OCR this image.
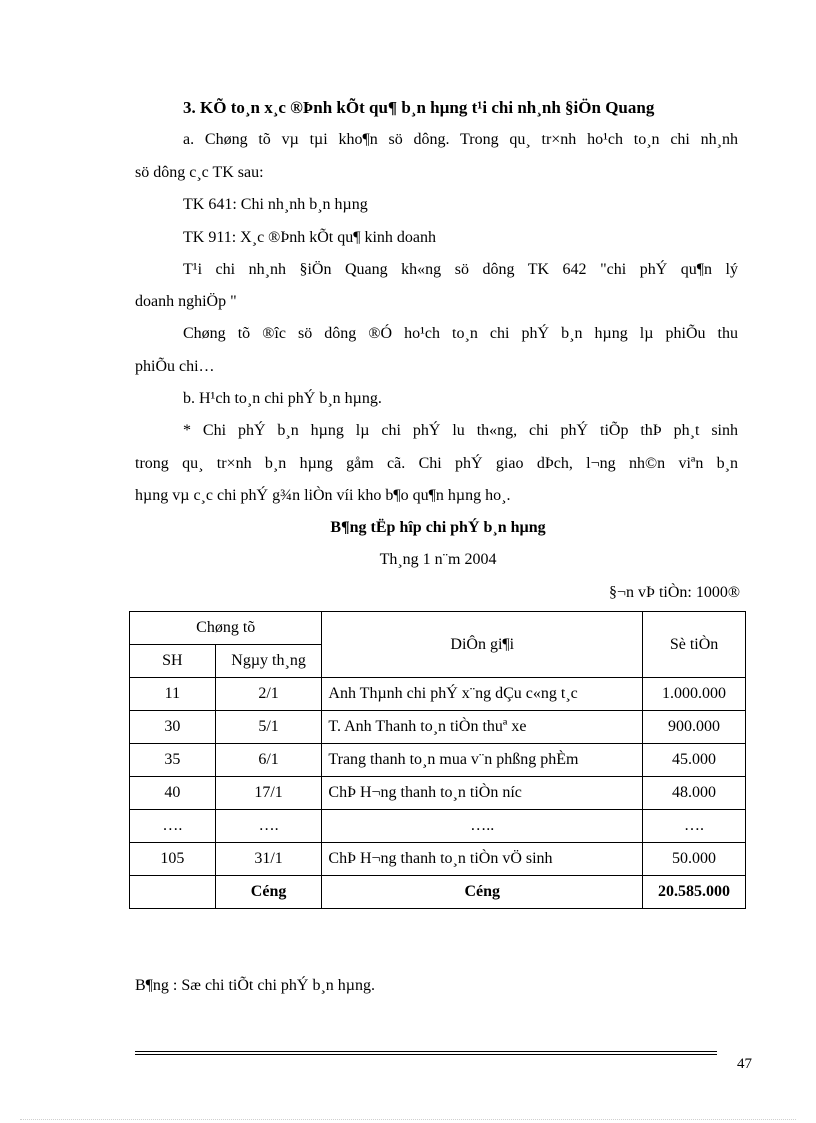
3. KÕ to¸n x¸c ®Þnh kÕt qu¶ b¸n hµng t¹i chi nh¸nh §iÖn Quang
a. Chøng tõ vµ tµi kho¶n sö dông. Trong qu¸ tr×nh ho¹ch to¸n chi nh¸nh
sö dông c¸c TK sau:
TK 641: Chi nh¸nh b¸n hµng
TK 911: X¸c ®Þnh kÕt qu¶ kinh doanh
T¹i chi nh¸nh §iÖn Quang kh«ng sö dông TK 642 "chi phÝ qu¶n lý
doanh nghiÖp "
Chøng tõ ®îc sö dông ®Ó ho¹ch to¸n chi phÝ b¸n hµng lµ phiÕu thu
phiÕu chi…
b. H¹ch to¸n chi phÝ b¸n hµng.
* Chi phÝ b¸n hµng lµ chi phÝ lu th«ng, chi phÝ tiÕp thÞ ph¸t sinh
trong qu¸ tr×nh b¸n hµng gåm cã. Chi phÝ giao dÞch, l¬ng nh©n viªn b¸n
hµng vµ c¸c chi phÝ g¾n liÒn víi kho b¶o qu¶n hµng ho¸.
B¶ng tËp hîp chi phÝ b¸n hµng
Th¸ng 1 n¨m 2004
§¬n vÞ tiÒn: 1000®
Chøng tõ		DiÔn gi¶i	Sè tiÒn
SH	Ngµy th¸ng		
11	2/1	Anh Thµnh chi phÝ x¨ng dÇu c«ng t¸c	1.000.000
30	5/1	T. Anh Thanh to¸n tiÒn thuª xe	900.000
35	6/1	Trang thanh to¸n mua v¨n phßng phÈm	45.000
40	17/1	ChÞ H¬ng thanh to¸n tiÒn níc	48.000
….	….	…..	….
105	31/1	ChÞ H¬ng thanh to¸n tiÒn vÖ sinh	50.000
	Céng	Céng	20.585.000
B¶ng : Sæ chi tiÕt chi phÝ b¸n hµng.
47
